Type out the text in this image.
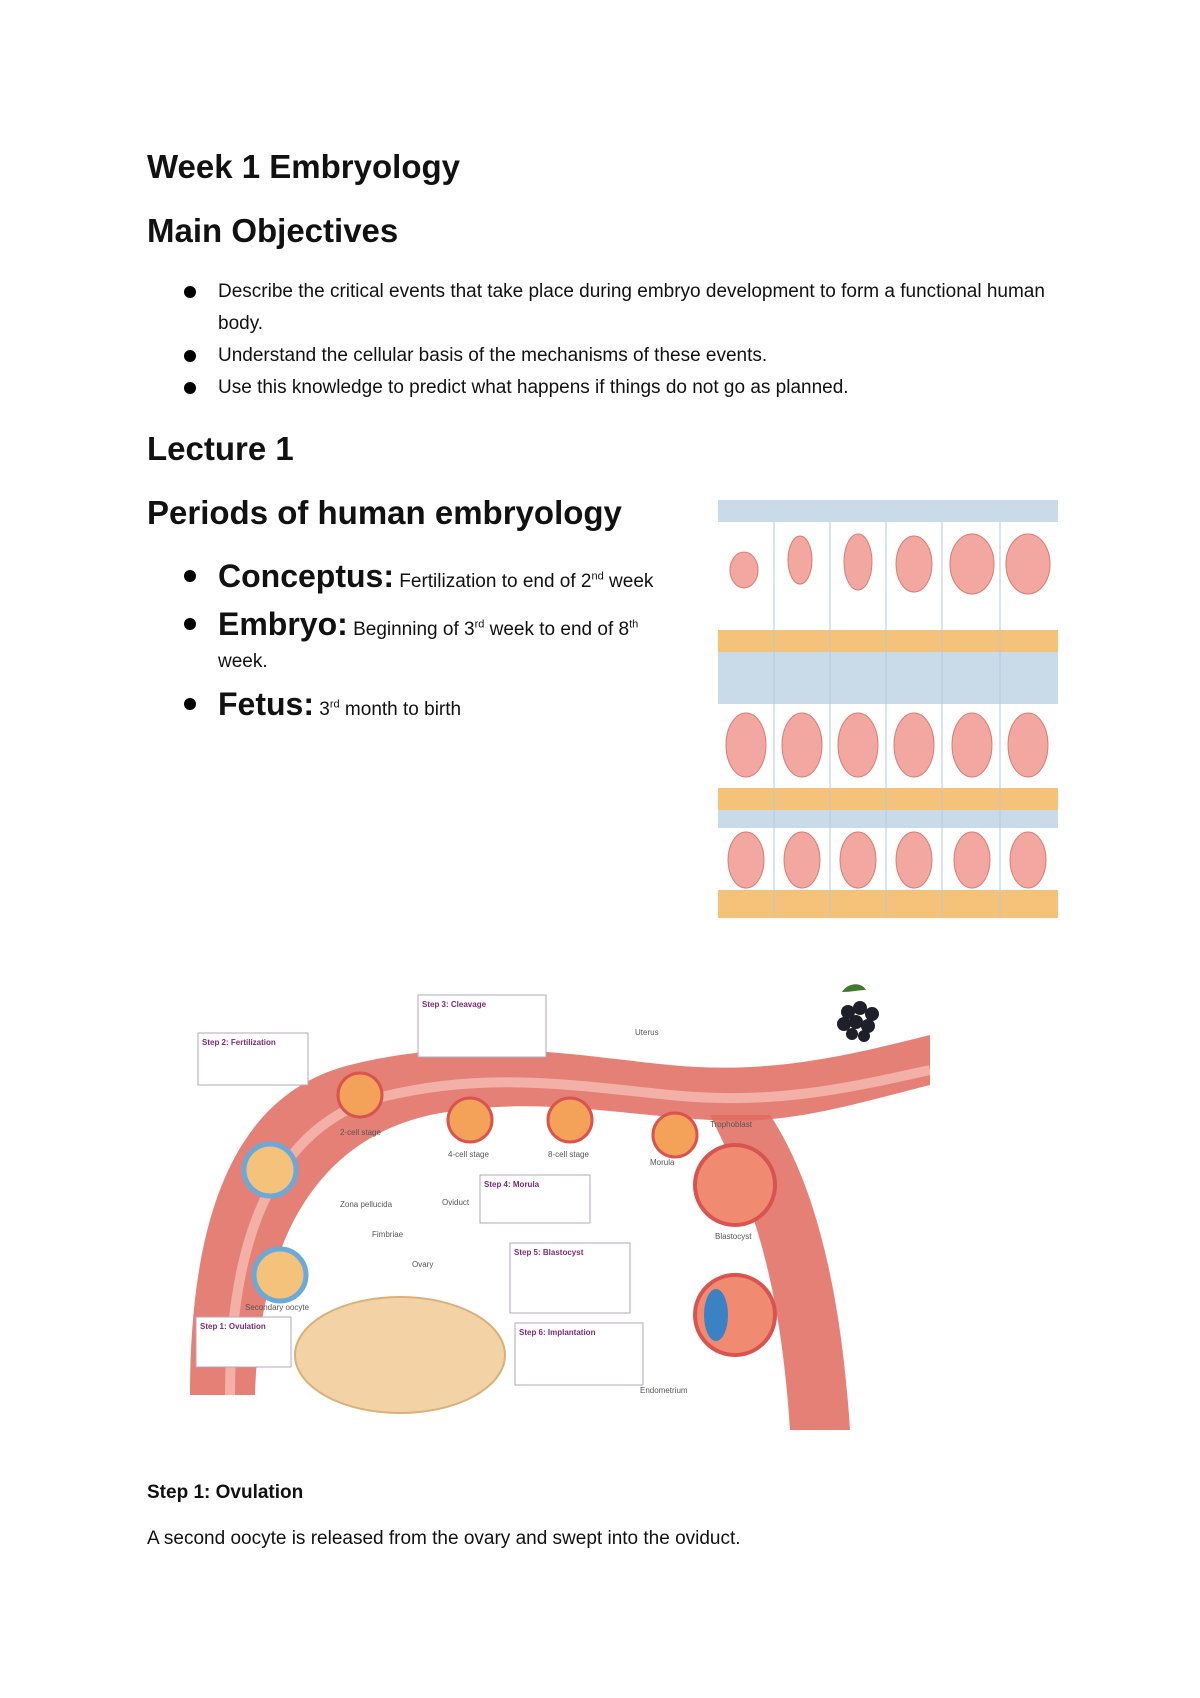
Week 1 Embryology
Main Objectives
Describe the critical events that take place during embryo development to form a functional human body.
Understand the cellular basis of the mechanisms of these events.
Use this knowledge to predict what happens if things do not go as planned.
Lecture 1
Periods of human embryology
Conceptus: Fertilization to end of 2nd week
Embryo: Beginning of 3rd week to end of 8th week.
Fetus: 3rd month to birth
Step 2: Fertilization
Step 3: Cleavage
Step 4: Morula
Step 5: Blastocyst
Step 1: Ovulation
Step 6: Implantation
Uterus
Ovary
Oviduct
Fimbriae
Zona pellucida
Trophoblast
Morula
Blastocyst
2-cell stage
4-cell stage	8-cell stage
Endometrium
Secondary oocyte
Step 1: Ovulation
A second oocyte is released from the ovary and swept into the oviduct.
